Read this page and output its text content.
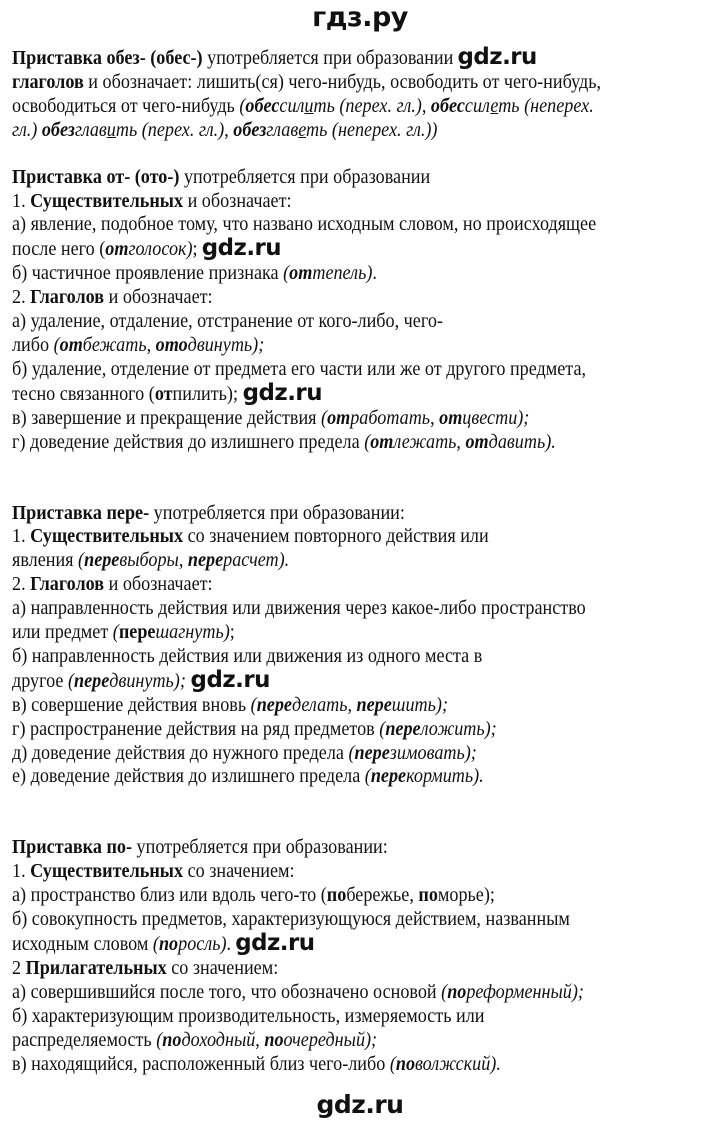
гдз.ру
Приставка обез- (обес-) употребляется при образовании gdz.ru
глаголов и обозначает: лишить(ся) чего-нибудь, освободить от чего-нибудь,
освободиться от чего-нибудь (обессилить (перех. гл.), обессилеть (неперех.
гл.) обезглавить (перех. гл.), обезглаветь (неперех. гл.))
Приставка от- (ото-) употребляется при образовании
1. Существительных и обозначает:
а) явление, подобное тому, что названо исходным словом, но происходящее
после него (отголосок); gdz.ru
б) частичное проявление признака (оттепель).
2. Глаголов и обозначает:
а) удаление, отдаление, отстранение от кого-либо, чего-
либо (отбежать, отодвинуть);
б) удаление, отделение от предмета его части или же от другого предмета,
тесно связанного (отпилить); gdz.ru
в) завершение и прекращение действия (отработать, отцвести);
г) доведение действия до излишнего предела (отлежать, отдавить).
Приставка пере- употребляется при образовании:
1. Существительных со значением повторного действия или
явления (перевыборы, перерасчет).
2. Глаголов и обозначает:
а) направленность действия или движения через какое-либо пространство
или предмет (перешагнуть);
б) направленность действия или движения из одного места в
другое (передвинуть); gdz.ru
в) совершение действия вновь (переделать, перешить);
г) распространение действия на ряд предметов (переложить);
д) доведение действия до нужного предела (перезимовать);
е) доведение действия до излишнего предела (перекормить).
Приставка по- употребляется при образовании:
1. Существительных со значением:
а) пространство близ или вдоль чего-то (побережье, поморье);
б) совокупность предметов, характеризующуюся действием, названным
исходным словом (поросль). gdz.ru
2 Прилагательных со значением:
а) совершившийся после того, что обозначено основой (пореформенный);
б) характеризующим производительность, измеряемость или
распределяемость (подоходный, поочередный);
в) находящийся, расположенный близ чего-либо (поволжский).
gdz.ru
